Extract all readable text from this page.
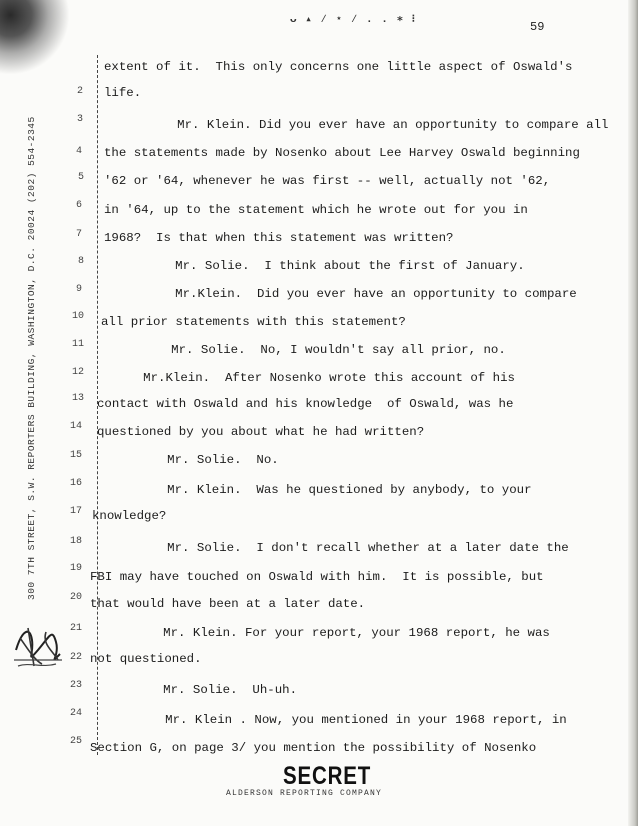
ᴗ ▴ ∕ ⋆ ∕ . . ∗ ⁝	59
300 7TH STREET, S.W. REPORTERS BUILDING, WASHINGTON, D.C. 20024 (202) 554-2345
2
3
4
5
6
7
8
9
10
11
12
13
14
15
16
17
18
19
20
21
22
23
24
25
extent of it.  This only concerns one little aspect of Oswald's
life.
Mr. Klein. Did you ever have an opportunity to compare all
the statements made by Nosenko about Lee Harvey Oswald beginning
'62 or '64, whenever he was first -- well, actually not '62,
in '64, up to the statement which he wrote out for you in
1968?  Is that when this statement was written?
Mr. Solie.  I think about the first of January.
Mr.Klein.  Did you ever have an opportunity to compare
all prior statements with this statement?
Mr. Solie.  No, I wouldn't say all prior, no.
Mr.Klein.  After Nosenko wrote this account of his
contact with Oswald and his knowledge  of Oswald, was he
questioned by you about what he had written?
Mr. Solie.  No.
Mr. Klein.  Was he questioned by anybody, to your
knowledge?
Mr. Solie.  I don't recall whether at a later date the
FBI may have touched on Oswald with him.  It is possible, but
that would have been at a later date.
Mr. Klein. For your report, your 1968 report, he was
not questioned.
Mr. Solie.  Uh-uh.
Mr. Klein . Now, you mentioned in your 1968 report, in
Section G, on page 3/ you mention the possibility of Nosenko
SECRET
ALDERSON REPORTING COMPANY
